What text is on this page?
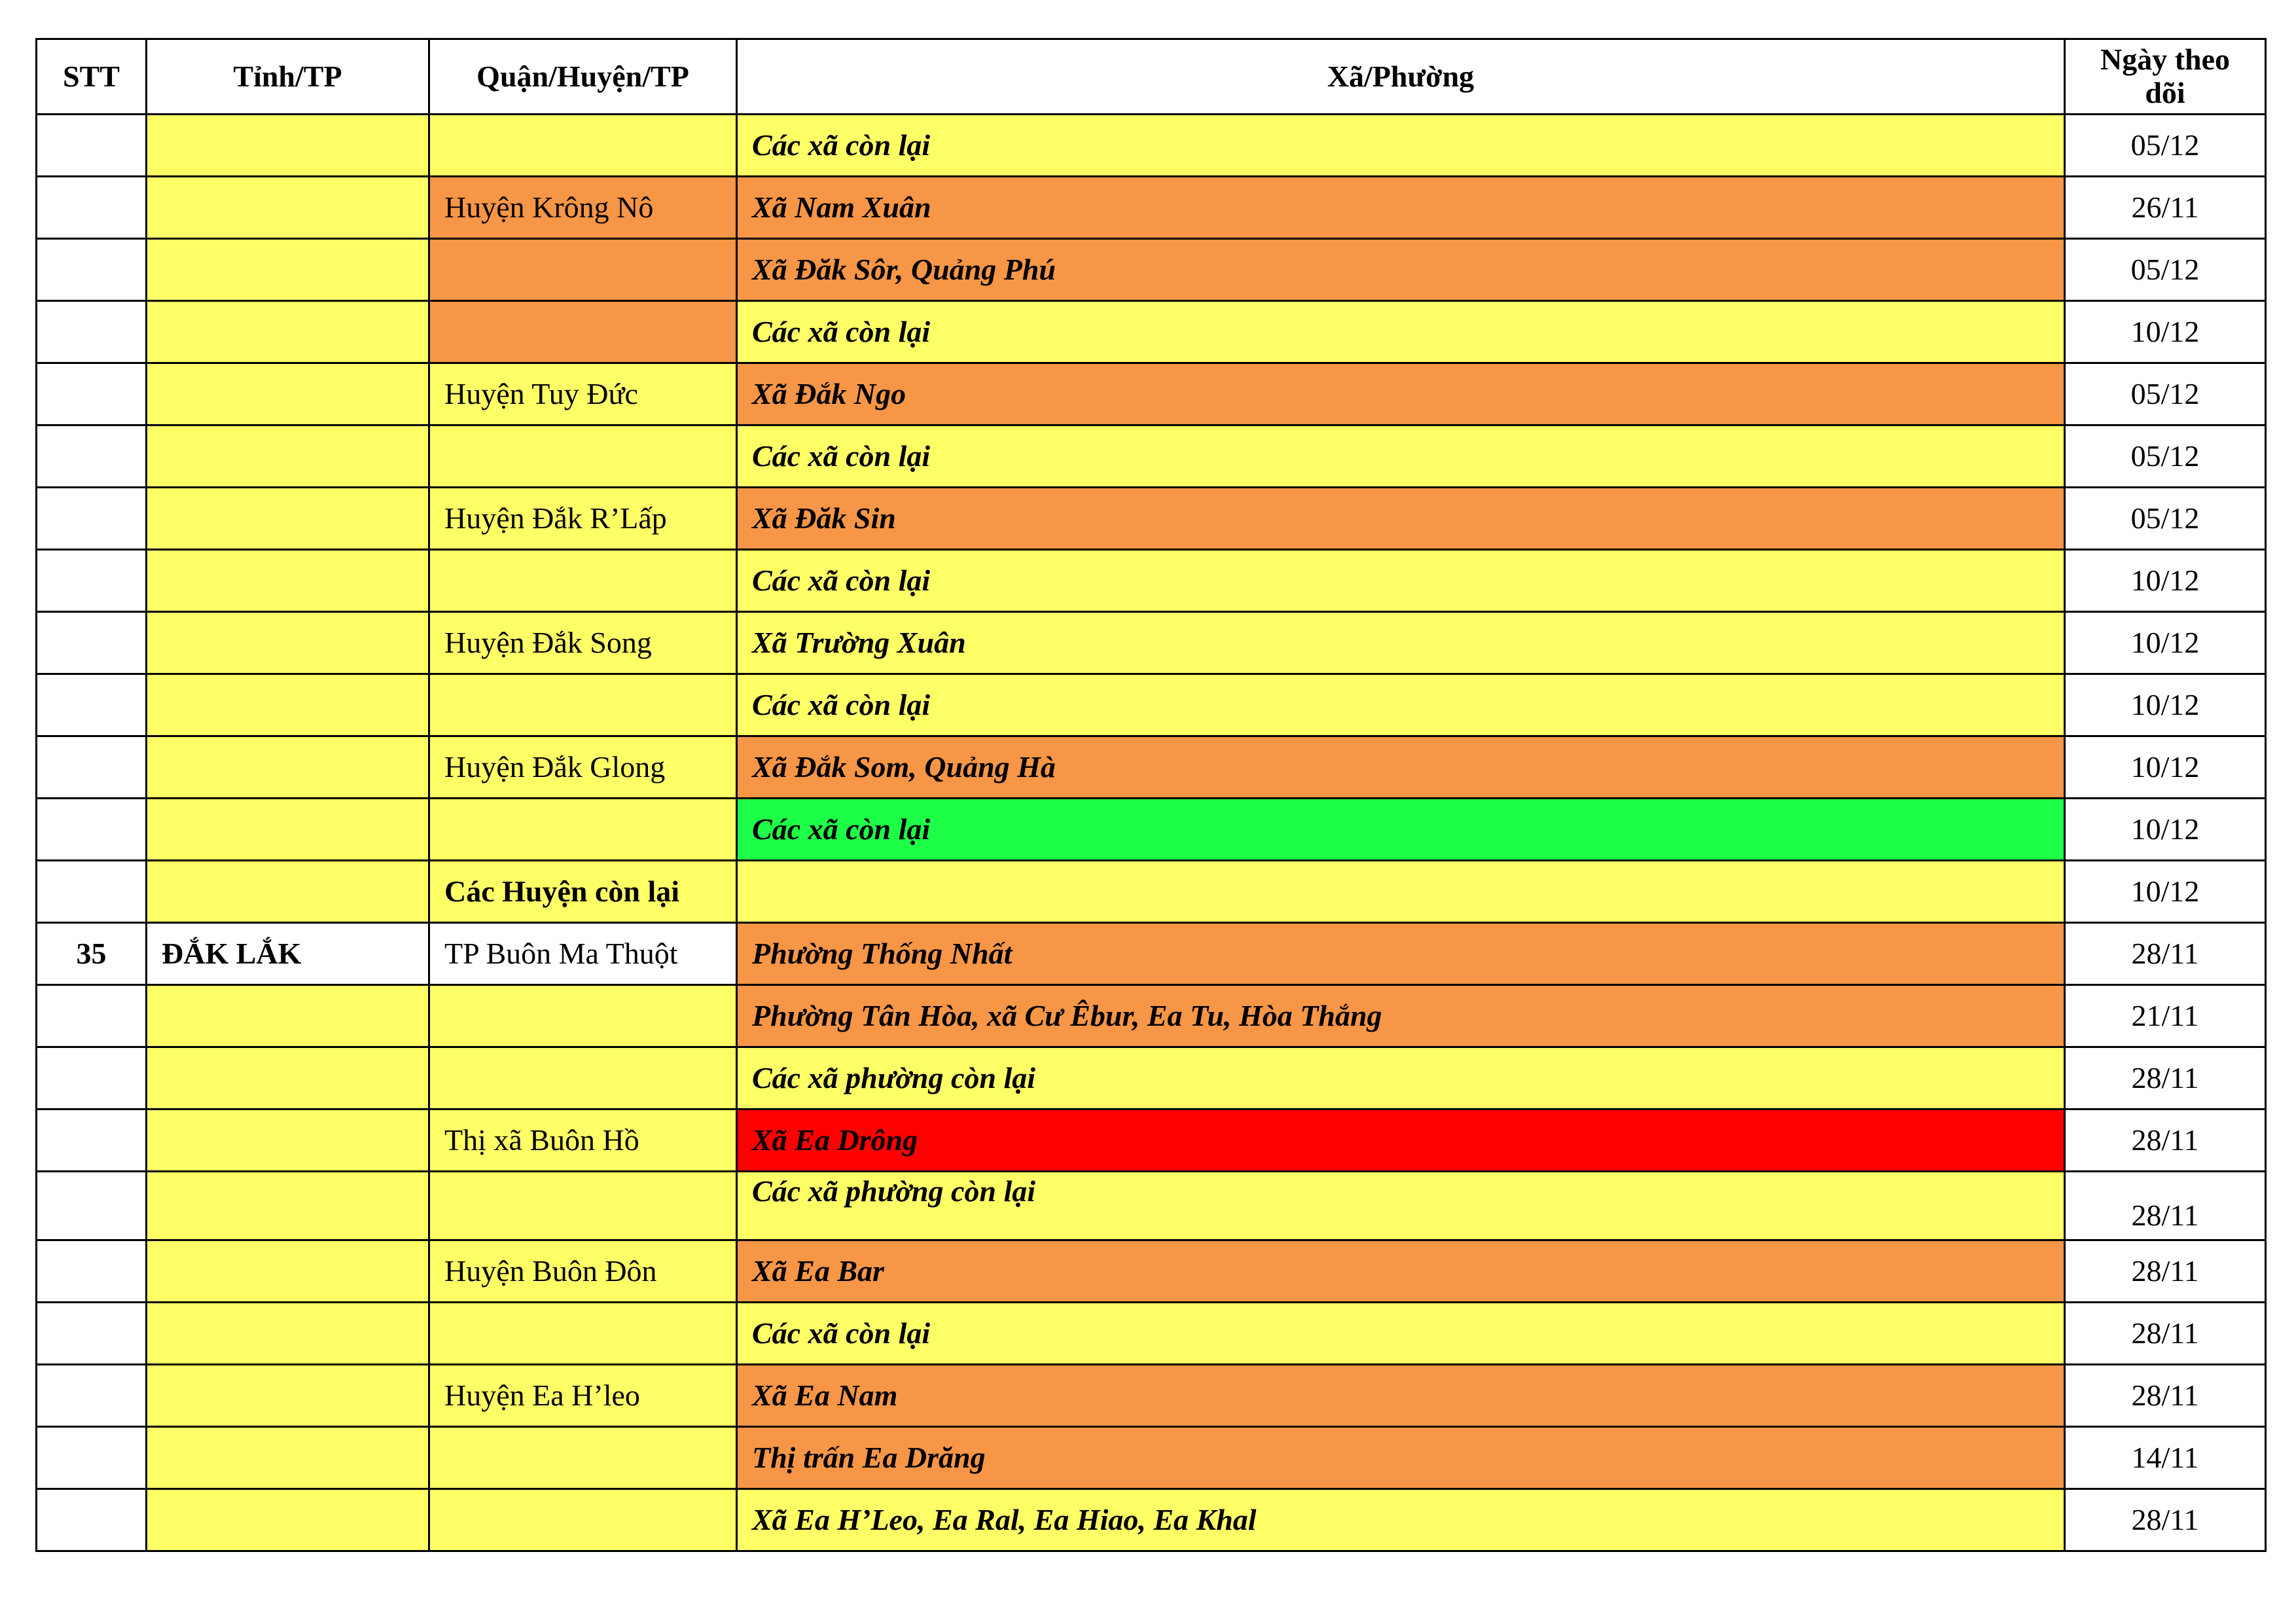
STT	Tỉnh/TP	Quận/Huyện/TP	Xã/Phường	Ngày theo dõi
			Các xã còn lại	05/12
		Huyện Krông Nô	Xã Nam Xuân	26/11
			Xã Đăk Sôr, Quảng Phú	05/12
			Các xã còn lại	10/12
		Huyện Tuy Đức	Xã Đắk Ngo	05/12
			Các xã còn lại	05/12
		Huyện Đắk R’Lấp	Xã Đăk Sin	05/12
			Các xã còn lại	10/12
		Huyện Đắk Song	Xã Trường Xuân	10/12
			Các xã còn lại	10/12
		Huyện Đắk Glong	Xã Đắk Som, Quảng Hà	10/12
			Các xã còn lại	10/12
		Các Huyện còn lại		10/12
35	ĐẮK LẮK	TP Buôn Ma Thuột	Phường Thống Nhất	28/11
			Phường Tân Hòa, xã Cư Êbur, Ea Tu, Hòa Thắng	21/11
			Các xã phường còn lại	28/11
		Thị xã Buôn Hồ	Xã Ea Drông	28/11
			Các xã phường còn lại	28/11
		Huyện Buôn Đôn	Xã Ea Bar	28/11
			Các xã còn lại	28/11
		Huyện Ea H’leo	Xã Ea Nam	28/11
			Thị trấn Ea Drăng	14/11
			Xã Ea H’Leo, Ea Ral, Ea Hiao, Ea Khal	28/11
